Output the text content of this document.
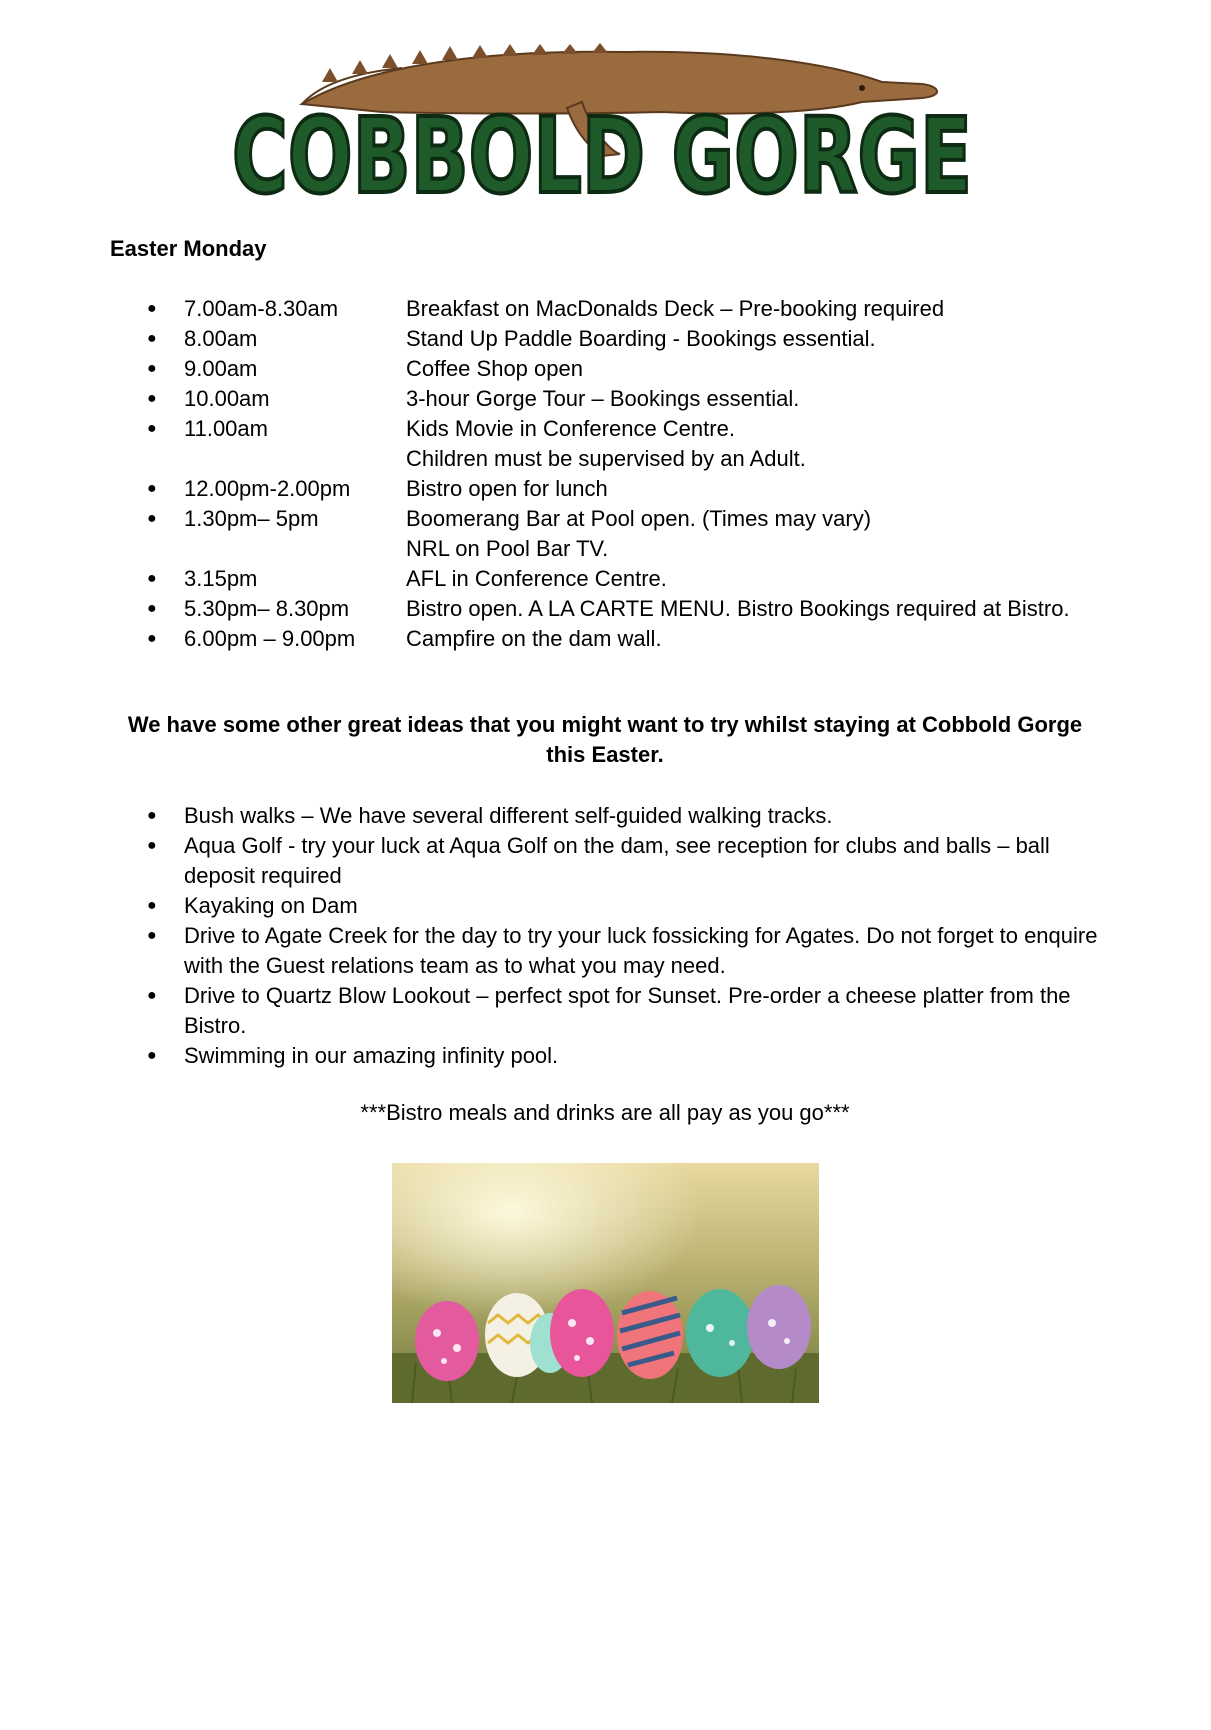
COBBOLD GORGE
Easter Monday
● 7.00am-8.30am	Breakfast on MacDonalds Deck – Pre-booking required
● 8.00am	Stand Up Paddle Boarding - Bookings essential.
● 9.00am	Coffee Shop open
● 10.00am	3-hour Gorge Tour – Bookings essential.
● 11.00am	Kids Movie in Conference Centre.
Children must be supervised by an Adult.
● 12.00pm-2.00pm	Bistro open for lunch
● 1.30pm– 5pm	Boomerang Bar at Pool open. (Times may vary)
NRL on Pool Bar TV.
● 3.15pm	AFL in Conference Centre.
● 5.30pm– 8.30pm	Bistro open. A LA CARTE MENU. Bistro Bookings required at Bistro.
● 6.00pm – 9.00pm Campfire on the dam wall.
We have some other great ideas that you might want to try whilst staying at Cobbold Gorge
this Easter.
● Bush walks – We have several different self-guided walking tracks.
● Aqua Golf - try your luck at Aqua Golf on the dam, see reception for clubs and balls – ball deposit required
● Kayaking on Dam
● Drive to Agate Creek for the day to try your luck fossicking for Agates. Do not forget to enquire with the Guest relations team as to what you may need.
● Drive to Quartz Blow Lookout – perfect spot for Sunset. Pre-order a cheese platter from the Bistro.
● Swimming in our amazing infinity pool.
***Bistro meals and drinks are all pay as you go***
